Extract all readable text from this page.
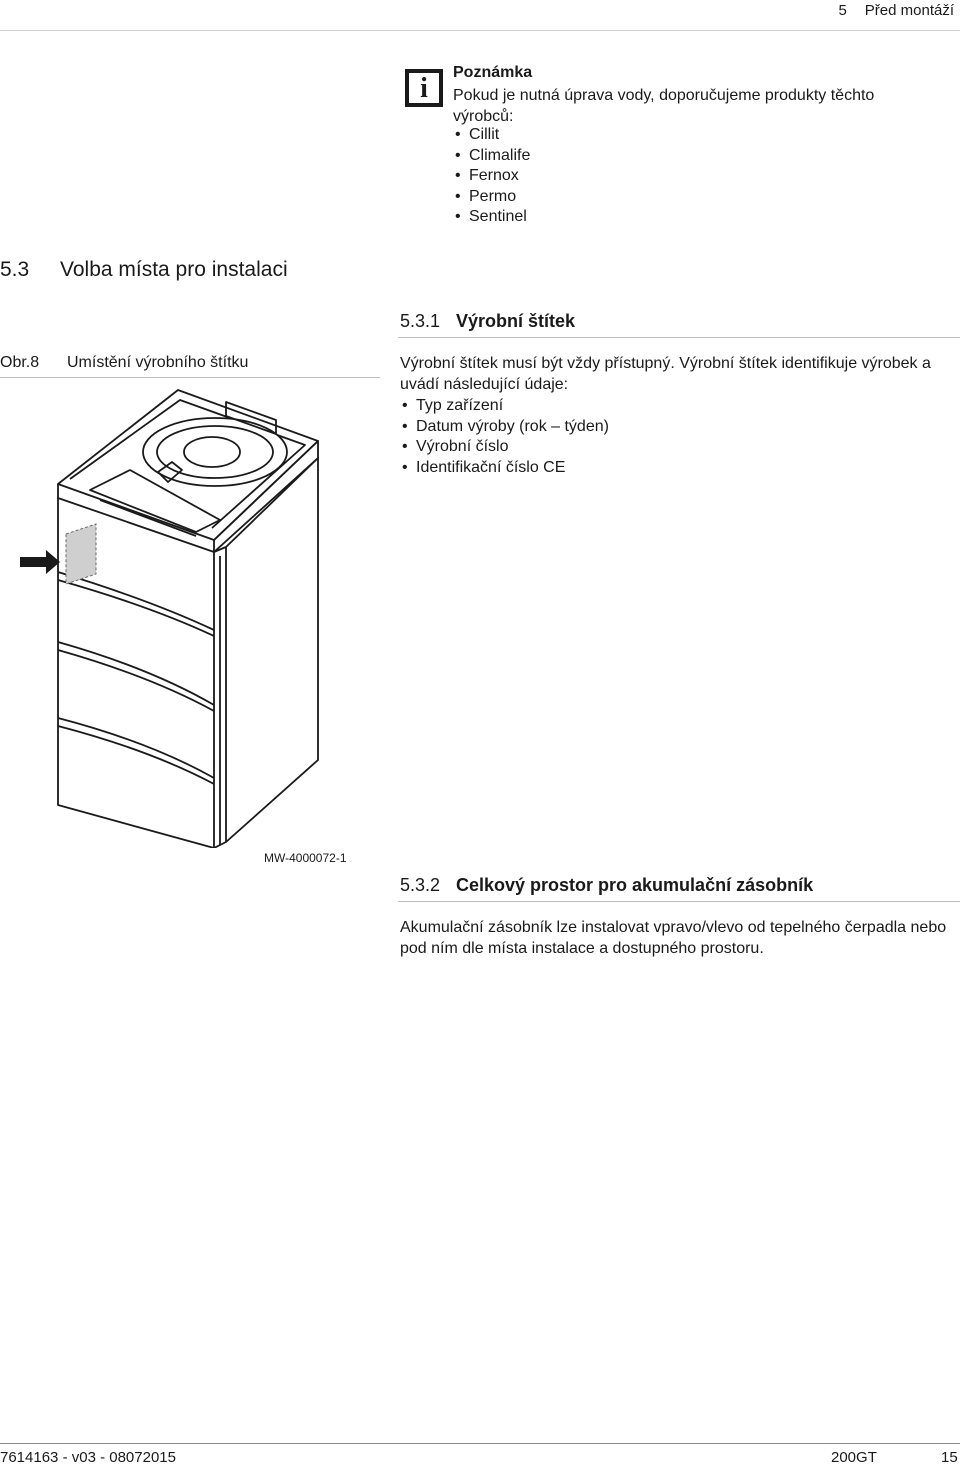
5 Před montáží
i
Poznámka
Pokud je nutná úprava vody, doporučujeme produkty těchto výrobců:
• Cillit
• Climalife
• Fernox
• Permo
• Sentinel
5.3 Volba místa pro instalaci
5.3.1 Výrobní štítek
Obr.8 Umístění výrobního štítku	Výrobní štítek musí být vždy přístupný. Výrobní štítek identifikuje výrobek a uvádí následující údaje:
• Typ zařízení
• Datum výroby (rok – týden)
• Výrobní číslo
• Identifikační číslo CE
MW-4000072-1
5.3.2 Celkový prostor pro akumulační zásobník
Akumulační zásobník lze instalovat vpravo/vlevo od tepelného čerpadla nebo pod ním dle místa instalace a dostupného prostoru.
7614163 - v03 - 08072015	200GT	15
